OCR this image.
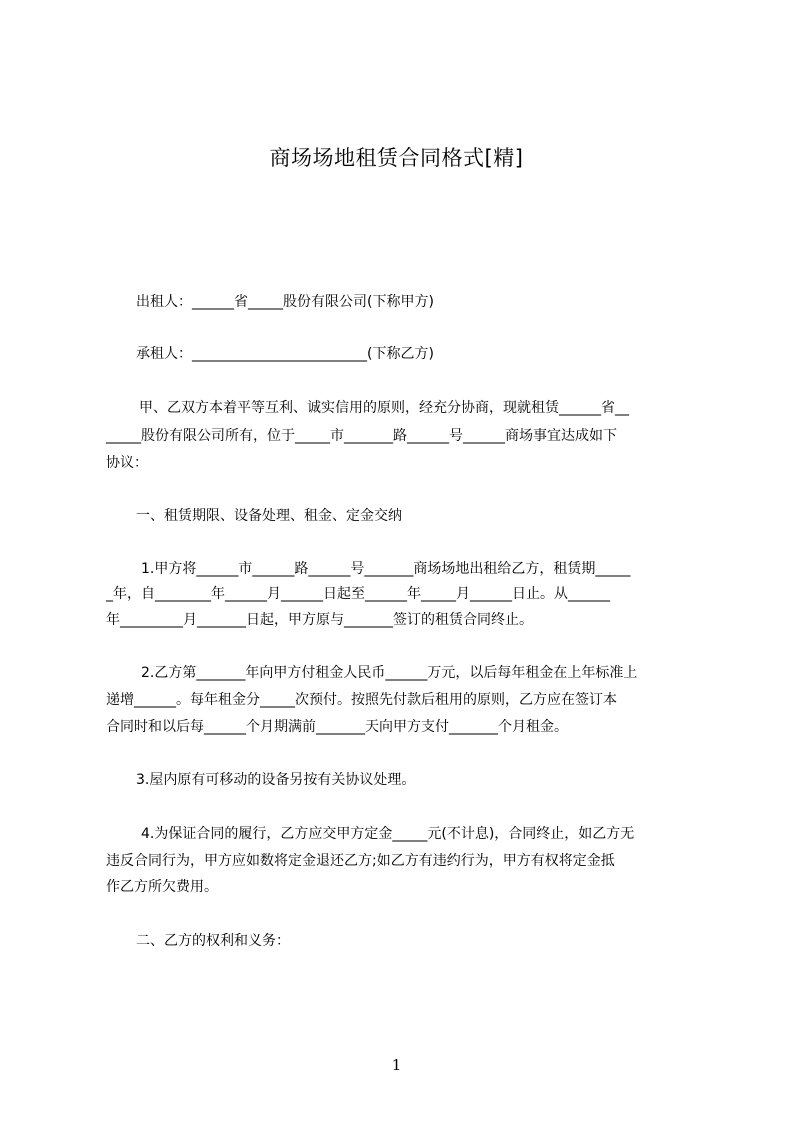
商场场地租赁合同格式[精]
出租人：______省_____股份有限公司(下称甲方)
承租人：_________________________(下称乙方)
甲、乙双方本着平等互利、诚实信用的原则，经充分协商，现就租赁______省__
_____股份有限公司所有，位于_____市_______路______号______商场事宜达成如下
协议：
一、租赁期限、设备处理、租金、定金交纳
1.甲方将______市______路______号_______商场场地出租给乙方，租赁期_____
_年，自________年______月______日起至______年_____月______日止。从______
年_________月_______日起，甲方原与_______签订的租赁合同终止。
2.乙方第_______年向甲方付租金人民币______万元，以后每年租金在上年标准上
递增______。每年租金分_____次预付。按照先付款后租用的原则，乙方应在签订本
合同时和以后每______个月期满前_______天向甲方支付_______个月租金。
3.屋内原有可移动的设备另按有关协议处理。
4.为保证合同的履行，乙方应交甲方定金_____元(不计息)，合同终止，如乙方无
违反合同行为，甲方应如数将定金退还乙方;如乙方有违约行为，甲方有权将定金抵
作乙方所欠费用。
二、乙方的权利和义务：
1
